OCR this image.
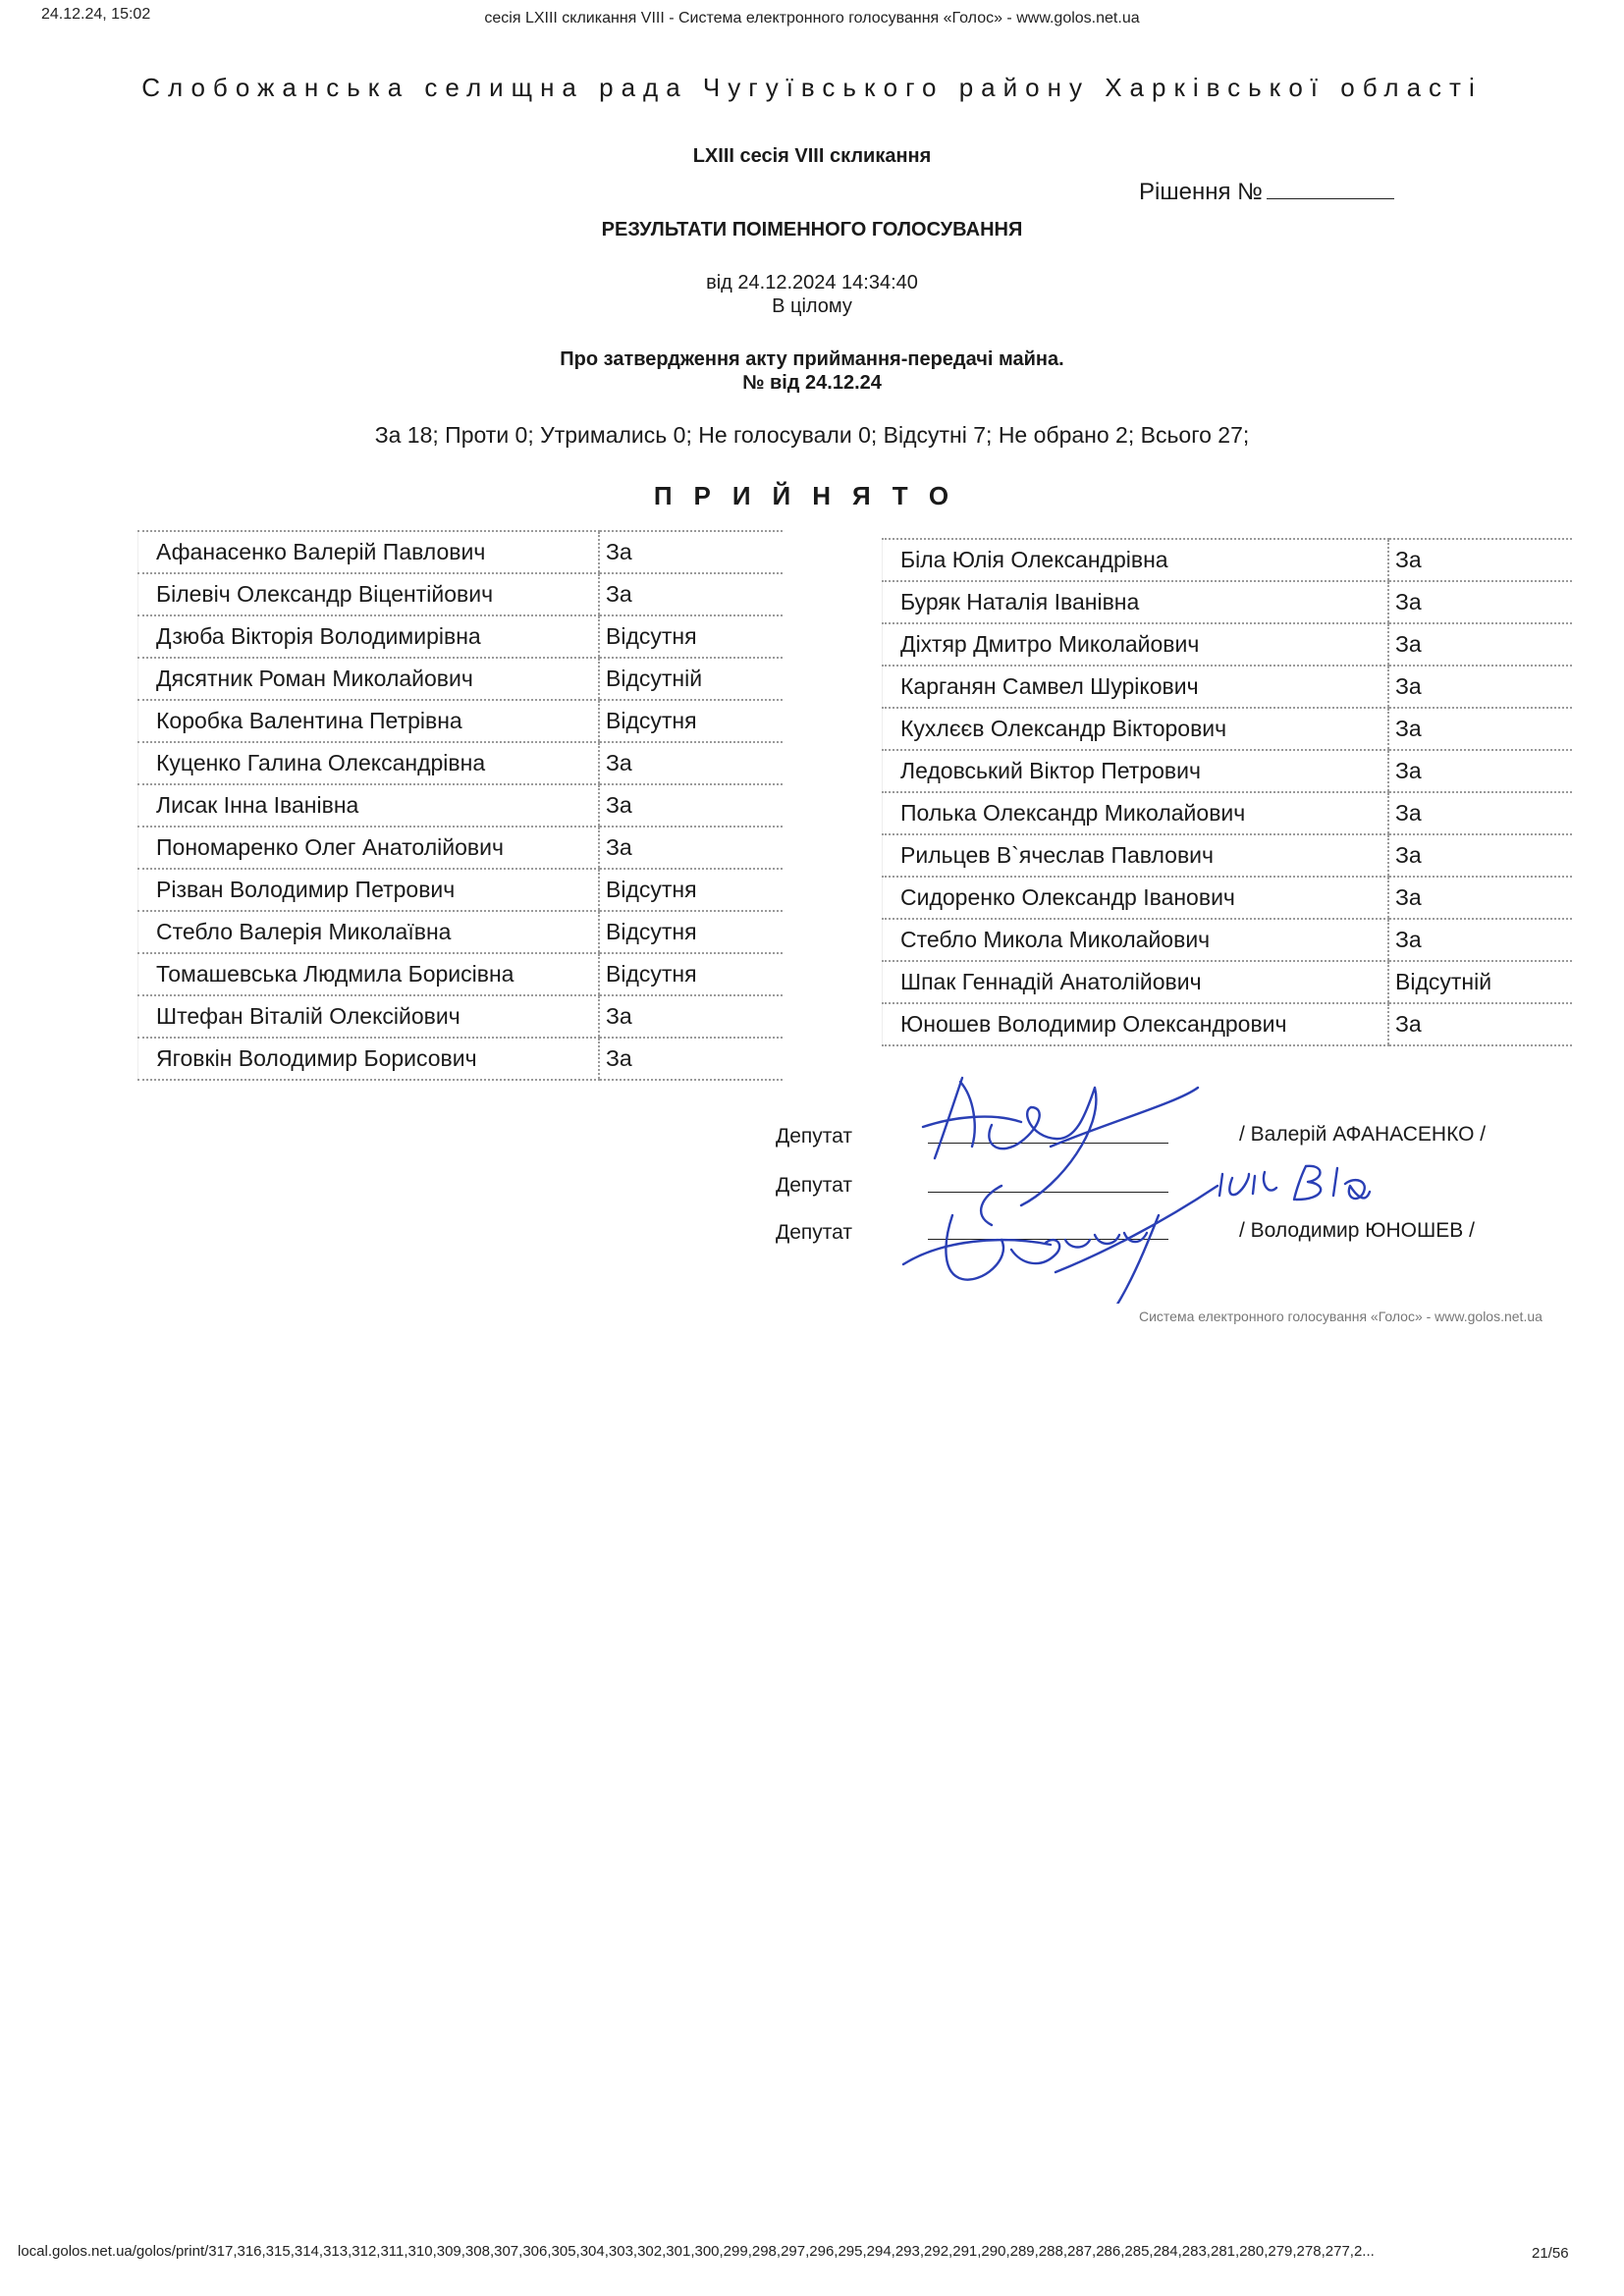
24.12.24, 15:02	сесія LXIII скликання VIII - Система електронного голосування «Голос» - www.golos.net.ua
Слобожанська селищна рада Чугуївського району Харківської області
LXIII сесія VIII скликання
Рішення №
РЕЗУЛЬТАТИ ПОІМЕННОГО ГОЛОСУВАННЯ
від 24.12.2024 14:34:40
В цілому
Про затвердження акту приймання-передачі майна.
№ від 24.12.24
За 18; Проти 0; Утримались 0; Не голосували 0; Відсутні 7; Не обрано 2; Всього 27;
ПРИЙНЯТО
Афанасенко Валерій Павлович	За
Білевіч Олександр Віцентійович	За
Дзюба Вікторія Володимирівна	Відсутня
Дясятник Роман Миколайович	Відсутній
Коробка Валентина Петрівна	Відсутня
Куценко Галина Олександрівна	За
Лисак Інна Іванівна	За
Пономаренко Олег Анатолійович	За
Різван Володимир Петрович	Відсутня
Стебло Валерія Миколаївна	Відсутня
Томашевська Людмила Борисівна	Відсутня
Штефан Віталій Олексійович	За
Яговкін Володимир Борисович	За
Біла Юлія Олександрівна	За
Буряк Наталія Іванівна	За
Діхтяр Дмитро Миколайович	За
Карганян Самвел Шурікович	За
Кухлєєв Олександр Вікторович	За
Ледовський Віктор Петрович	За
Полька Олександр Миколайович	За
Рильцев В`ячеслав Павлович	За
Сидоренко Олександр Іванович	За
Стебло Микола Миколайович	За
Шпак Геннадій Анатолійович	Відсутній
Юношев Володимир Олександрович	За
Депутат
Депутат
Депутат
/ Валерій АФАНАСЕНКО /
/ Володимир ЮНОШЕВ /
Система електронного голосування «Голос» - www.golos.net.ua
local.golos.net.ua/golos/print/317,316,315,314,313,312,311,310,309,308,307,306,305,304,303,302,301,300,299,298,297,296,295,294,293,292,291,290,289,288,287,286,285,284,283,281,280,279,278,277,2...	21/56
